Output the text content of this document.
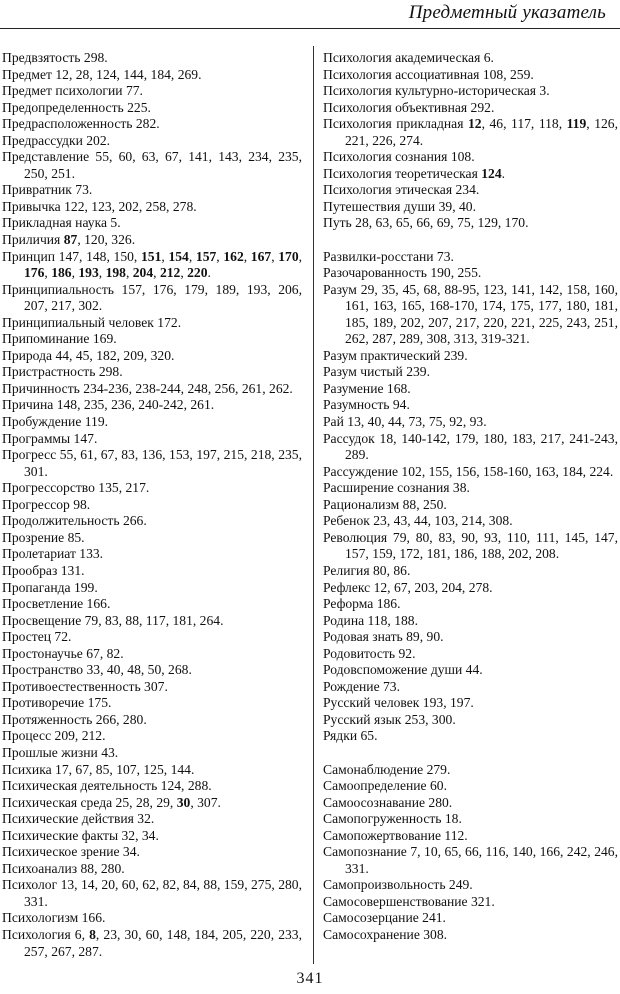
Предметный указатель
Предвзятость 298.
Предмет 12, 28, 124, 144, 184, 269.
Предмет психологии 77.
Предопределенность 225.
Предрасположенность 282.
Предрассудки 202.
Представление 55, 60, 63, 67, 141, 143, 234, 235, 250, 251.
Привратник 73.
Привычка 122, 123, 202, 258, 278.
Прикладная наука 5.
Приличия 87, 120, 326.
Принцип 147, 148, 150, 151, 154, 157, 162, 167, 170, 176, 186, 193, 198, 204, 212, 220.
Принципиальность 157, 176, 179, 189, 193, 206, 207, 217, 302.
Принципиальный человек 172.
Припоминание 169.
Природа 44, 45, 182, 209, 320.
Пристрастность 298.
Причинность 234-236, 238-244, 248, 256, 261, 262.
Причина 148, 235, 236, 240-242, 261.
Пробуждение 119.
Программы 147.
Прогресс 55, 61, 67, 83, 136, 153, 197, 215, 218, 235, 301.
Прогрессорство 135, 217.
Прогрессор 98.
Продолжительность 266.
Прозрение 85.
Пролетариат 133.
Прообраз 131.
Пропаганда 199.
Просветление 166.
Просвещение 79, 83, 88, 117, 181, 264.
Простец 72.
Простонаучье 67, 82.
Пространство 33, 40, 48, 50, 268.
Противоестественность 307.
Противоречие 175.
Протяженность 266, 280.
Процесс 209, 212.
Прошлые жизни 43.
Психика 17, 67, 85, 107, 125, 144.
Психическая деятельность 124, 288.
Психическая среда 25, 28, 29, 30, 307.
Психические действия 32.
Психические факты 32, 34.
Психическое зрение 34.
Психоанализ 88, 280.
Психолог 13, 14, 20, 60, 62, 82, 84, 88, 159, 275, 280, 331.
Психологизм 166.
Психология 6, 8, 23, 30, 60, 148, 184, 205, 220, 233, 257, 267, 287.
Психология академическая 6.
Психология ассоциативная 108, 259.
Психология культурно-историческая 3.
Психология объективная 292.
Психология прикладная 12, 46, 117, 118, 119, 126, 221, 226, 274.
Психология сознания 108.
Психология теоретическая 124.
Психология этическая 234.
Путешествия души 39, 40.
Путь 28, 63, 65, 66, 69, 75, 129, 170.
Развилки-росстани 73.
Разочарованность 190, 255.
Разум 29, 35, 45, 68, 88-95, 123, 141, 142, 158, 160, 161, 163, 165, 168-170, 174, 175, 177, 180, 181, 185, 189, 202, 207, 217, 220, 221, 225, 243, 251, 262, 287, 289, 308, 313, 319-321.
Разум практический 239.
Разум чистый 239.
Разумение 168.
Разумность 94.
Рай 13, 40, 44, 73, 75, 92, 93.
Рассудок 18, 140-142, 179, 180, 183, 217, 241-243, 289.
Рассуждение 102, 155, 156, 158-160, 163, 184, 224.
Расширение сознания 38.
Рационализм 88, 250.
Ребенок 23, 43, 44, 103, 214, 308.
Революция 79, 80, 83, 90, 93, 110, 111, 145, 147, 157, 159, 172, 181, 186, 188, 202, 208.
Религия 80, 86.
Рефлекс 12, 67, 203, 204, 278.
Реформа 186.
Родина 118, 188.
Родовая знать 89, 90.
Родовитость 92.
Родовспоможение души 44.
Рождение 73.
Русский человек 193, 197.
Русский язык 253, 300.
Рядки 65.
Самонаблюдение 279.
Самоопределение 60.
Самоосознавание 280.
Самопогруженность 18.
Самопожертвование 112.
Самопознание 7, 10, 65, 66, 116, 140, 166, 242, 246, 331.
Самопроизвольность 249.
Самосовершенствование 321.
Самосозерцание 241.
Самосохранение 308.
341
